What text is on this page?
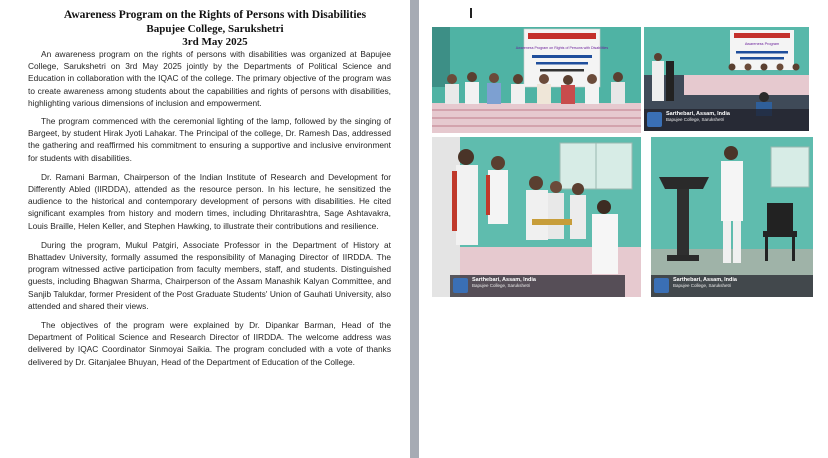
Awareness Program on the Rights of Persons with Disabilities
Bapujee College, Sarukshetri
3rd May 2025

An awareness program on the rights of persons with disabilities was organized at Bapujee College, Sarukshetri on 3rd May 2025 jointly by the Departments of Political Science and Education in collaboration with the IQAC of the college. The primary objective of the program was to create awareness among students about the capabilities and rights of persons with disabilities, highlighting various dimensions of inclusion and empowerment.

The program commenced with the ceremonial lighting of the lamp, followed by the singing of Bargeet, by student Hirak Jyoti Lahakar. The Principal of the college, Dr. Ramesh Das, addressed the gathering and reaffirmed his commitment to ensuring a supportive and inclusive environment for students with disabilities.

Dr. Ramani Barman, Chairperson of the Indian Institute of Research and Development for Differently Abled (IIRDDA), attended as the resource person. In his lecture, he sensitized the audience to the historical and contemporary development of persons with disabilities. He cited significant examples from history and modern times, including Dhritarashtra, Sage Ashtavakra, Louis Braille, Helen Keller, and Stephen Hawking, to illustrate their contributions and resilience.

During the program, Mukul Patgiri, Associate Professor in the Department of History at Bhattadev University, formally assumed the responsibility of Managing Director of IIRDDA. The program witnessed active participation from faculty members, staff, and students. Distinguished guests, including Bhagwan Sharma, Chairperson of the Assam Manashik Kalyan Committee, and Sanjib Talukdar, former President of the Post Graduate Students' Union of Gauhati University, also attended and shared their views.

The objectives of the program were explained by Dr. Dipankar Barman, Head of the Department of Political Science and Research Director of IIRDDA. The welcome address was delivered by IQAC Coordinator Sinmoyai Saikia. The program concluded with a vote of thanks delivered by Dr. Gitanjalee Bhuyan, Head of the Department of Education of the College.

Awareness Program on Rights of Persons with Disabilities
Awareness Program
Sarthebari, Assam, India
Bapujee College, Sarukshetri
Sarthebari, Assam, India
Bapujee College, Sarukshetri
Sarthebari, Assam, India
Bapujee College, Sarukshetri
